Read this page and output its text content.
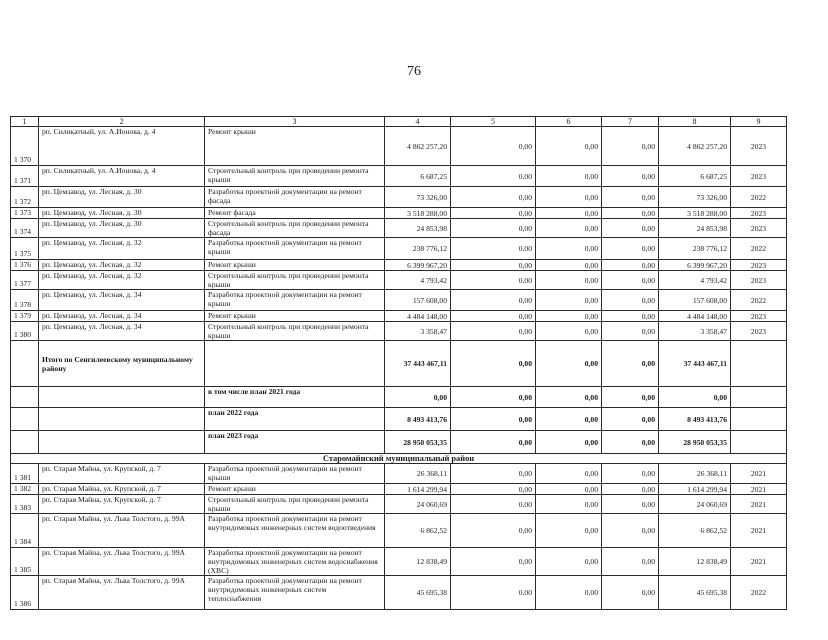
76
1	2	3	4	5	6	7	8	9
1 370	рп. Силикатный, ул. А.Ионова, д. 4	Ремонт крыши	4 862 257,20	0,00	0,00	0,00	4 862 257,20	2023
1 371	рп. Силикатный, ул. А.Ионова, д. 4	Строительный контроль при проведении ремонта крыши	6 687,25	0,00	0,00	0,00	6 687,25	2023
1 372	рп. Цемзавод, ул. Лесная, д. 30	Разработка проектной документации на ремонт фасада	73 326,00	0,00	0,00	0,00	73 326,00	2022
1 373	рп. Цемзавод, ул. Лесная, д. 30	Ремонт фасада	3 518 288,00	0,00	0,00	0,00	3 518 288,00	2023
1 374	рп. Цемзавод, ул. Лесная, д. 30	Строительный контроль при проведении ремонта фасада	24 853,98	0,00	0,00	0,00	24 853,98	2023
1 375	рп. Цемзавод, ул. Лесная, д. 32	Разработка проектной документации на ремонт крыши	238 776,12	0,00	0,00	0,00	238 776,12	2022
1 376	рп. Цемзавод, ул. Лесная, д. 32	Ремонт крыши	6 399 967,20	0,00	0,00	0,00	6 399 967,20	2023
1 377	рп. Цемзавод, ул. Лесная, д. 32	Строительный контроль при проведении ремонта крыши	4 793,42	0,00	0,00	0,00	4 793,42	2023
1 378	рп. Цемзавод, ул. Лесная, д. 34	Разработка проектной документации на ремонт крыши	157 608,00	0,00	0,00	0,00	157 608,00	2022
1 379	рп. Цемзавод, ул. Лесная, д. 34	Ремонт крыши	4 484 148,00	0,00	0,00	0,00	4 484 148,00	2023
1 380	рп. Цемзавод, ул. Лесная, д. 34	Строительный контроль при проведении ремонта крыши	3 358,47	0,00	0,00	0,00	3 358,47	2023
	Итого по Сенгилеевскому муниципальному району		37 443 467,11	0,00	0,00	0,00	37 443 467,11	
		в том числе план 2021 года	0,00	0,00	0,00	0,00	0,00	
		план 2022 года	8 493 413,76	0,00	0,00	0,00	8 493 413,76	
		план 2023 года	28 950 053,35	0,00	0,00	0,00	28 950 053,35	
Старомайнский муниципальный район								
1 381	рп. Старая Майна, ул. Крупской, д. 7	Разработка проектной документации на ремонт крыши	26 368,11	0,00	0,00	0,00	26 368,11	2021
1 382	рп. Старая Майна, ул. Крупской, д. 7	Ремонт крыши	1 614 299,94	0,00	0,00	0,00	1 614 299,94	2021
1 383	рп. Старая Майна, ул. Крупской, д. 7	Строительный контроль при проведении ремонта крыши	24 060,69	0,00	0,00	0,00	24 060,69	2021
1 384	рп. Старая Майна, ул. Льва Толстого, д. 99А	Разработка проектной документации на ремонт внутридомовых инженерных систем водоотведения	6 862,52	0,00	0,00	0,00	6 862,52	2021
1 385	рп. Старая Майна, ул. Льва Толстого, д. 99А	Разработка проектной документации на ремонт внутридомовых инженерных систем водоснабжения (ХВС)	12 838,49	0,00	0,00	0,00	12 838,49	2021
1 386	рп. Старая Майна, ул. Льва Толстого, д. 99А	Разработка проектной документации на ремонт внутридомовых инженерных систем теплоснабжения	45 695,38	0,00	0,00	0,00	45 695,38	2022
